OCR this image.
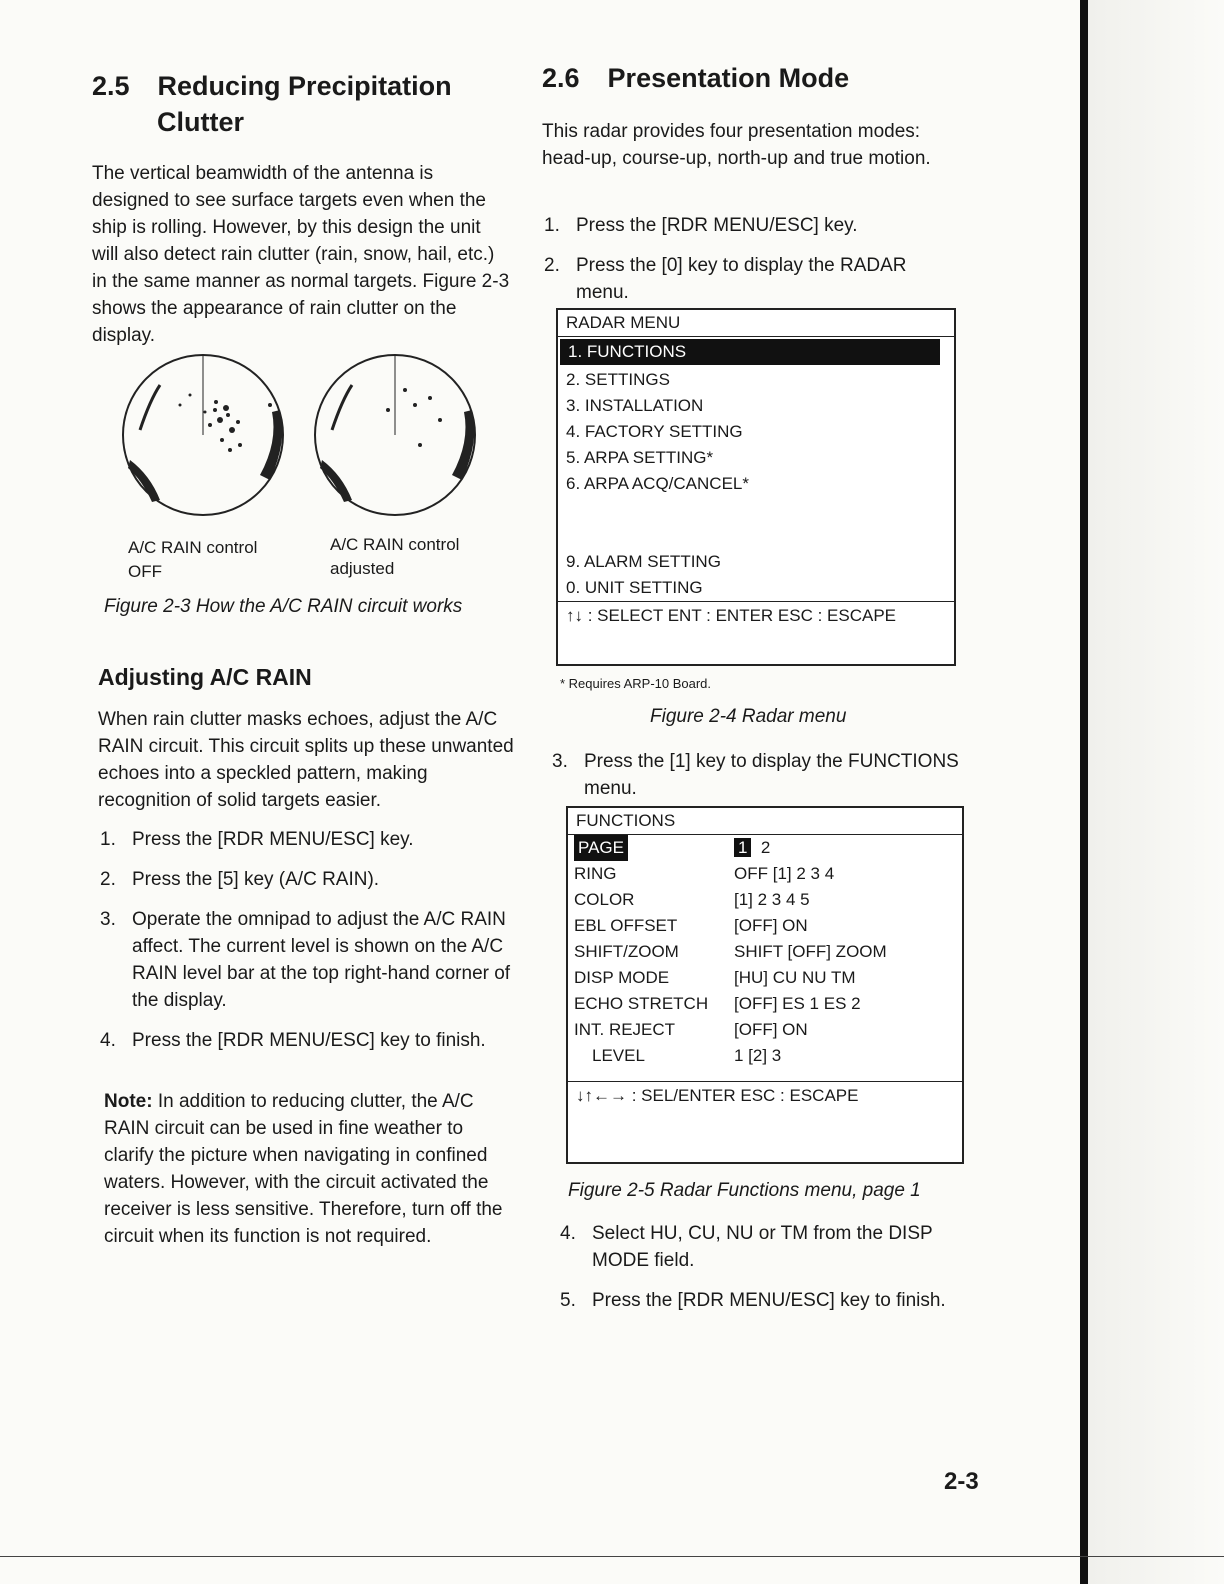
2.5 Reducing Precipitation
Clutter
The vertical beamwidth of the antenna is designed to see surface targets even when the ship is rolling. However, by this design the unit will also detect rain clutter (rain, snow, hail, etc.) in the same manner as normal targets. Figure 2-3 shows the appearance of rain clutter on the display.
A/C RAIN control
OFF
A/C RAIN control
adjusted
Figure 2-3 How the A/C RAIN circuit works
Adjusting A/C RAIN
When rain clutter masks echoes, adjust the A/C RAIN circuit. This circuit splits up these unwanted echoes into a speckled pattern, making recognition of solid targets easier.
1. Press the [RDR MENU/ESC] key.
2. Press the [5] key (A/C RAIN).
3. Operate the omnipad to adjust the A/C RAIN affect. The current level is shown on the A/C RAIN level bar at the top right-hand corner of the display.
4. Press the [RDR MENU/ESC] key to finish.
Note: In addition to reducing clutter, the A/C RAIN circuit can be used in fine weather to clarify the picture when navigating in confined waters. However, with the circuit activated the receiver is less sensitive. Therefore, turn off the circuit when its function is not required.
2.6 Presentation Mode
This radar provides four presentation modes: head-up, course-up, north-up and true motion.
1. Press the [RDR MENU/ESC] key.
2. Press the [0] key to display the RADAR menu.
RADAR MENU
1. FUNCTIONS
2. SETTINGS
3. INSTALLATION
4. FACTORY SETTING
5. ARPA SETTING*
6. ARPA ACQ/CANCEL*
9. ALARM SETTING
0. UNIT SETTING
↑↓ : SELECT ENT : ENTER ESC : ESCAPE
* Requires ARP-10 Board.
Figure 2-4 Radar menu
3. Press the [1] key to display the FUNCTIONS menu.
FUNCTIONS
PAGE	1 2
RING	OFF [1] 2 3 4
COLOR	[1] 2 3 4 5
EBL OFFSET	[OFF] ON
SHIFT/ZOOM	SHIFT [OFF] ZOOM
DISP MODE	[HU] CU NU TM
ECHO STRETCH [OFF] ES 1 ES 2
INT. REJECT	[OFF] ON
LEVEL	1 [2] 3
↓↑←→ : SEL/ENTER ESC : ESCAPE
Figure 2-5 Radar Functions menu, page 1
4. Select HU, CU, NU or TM from the DISP MODE field.
5. Press the [RDR MENU/ESC] key to finish.
2-3
